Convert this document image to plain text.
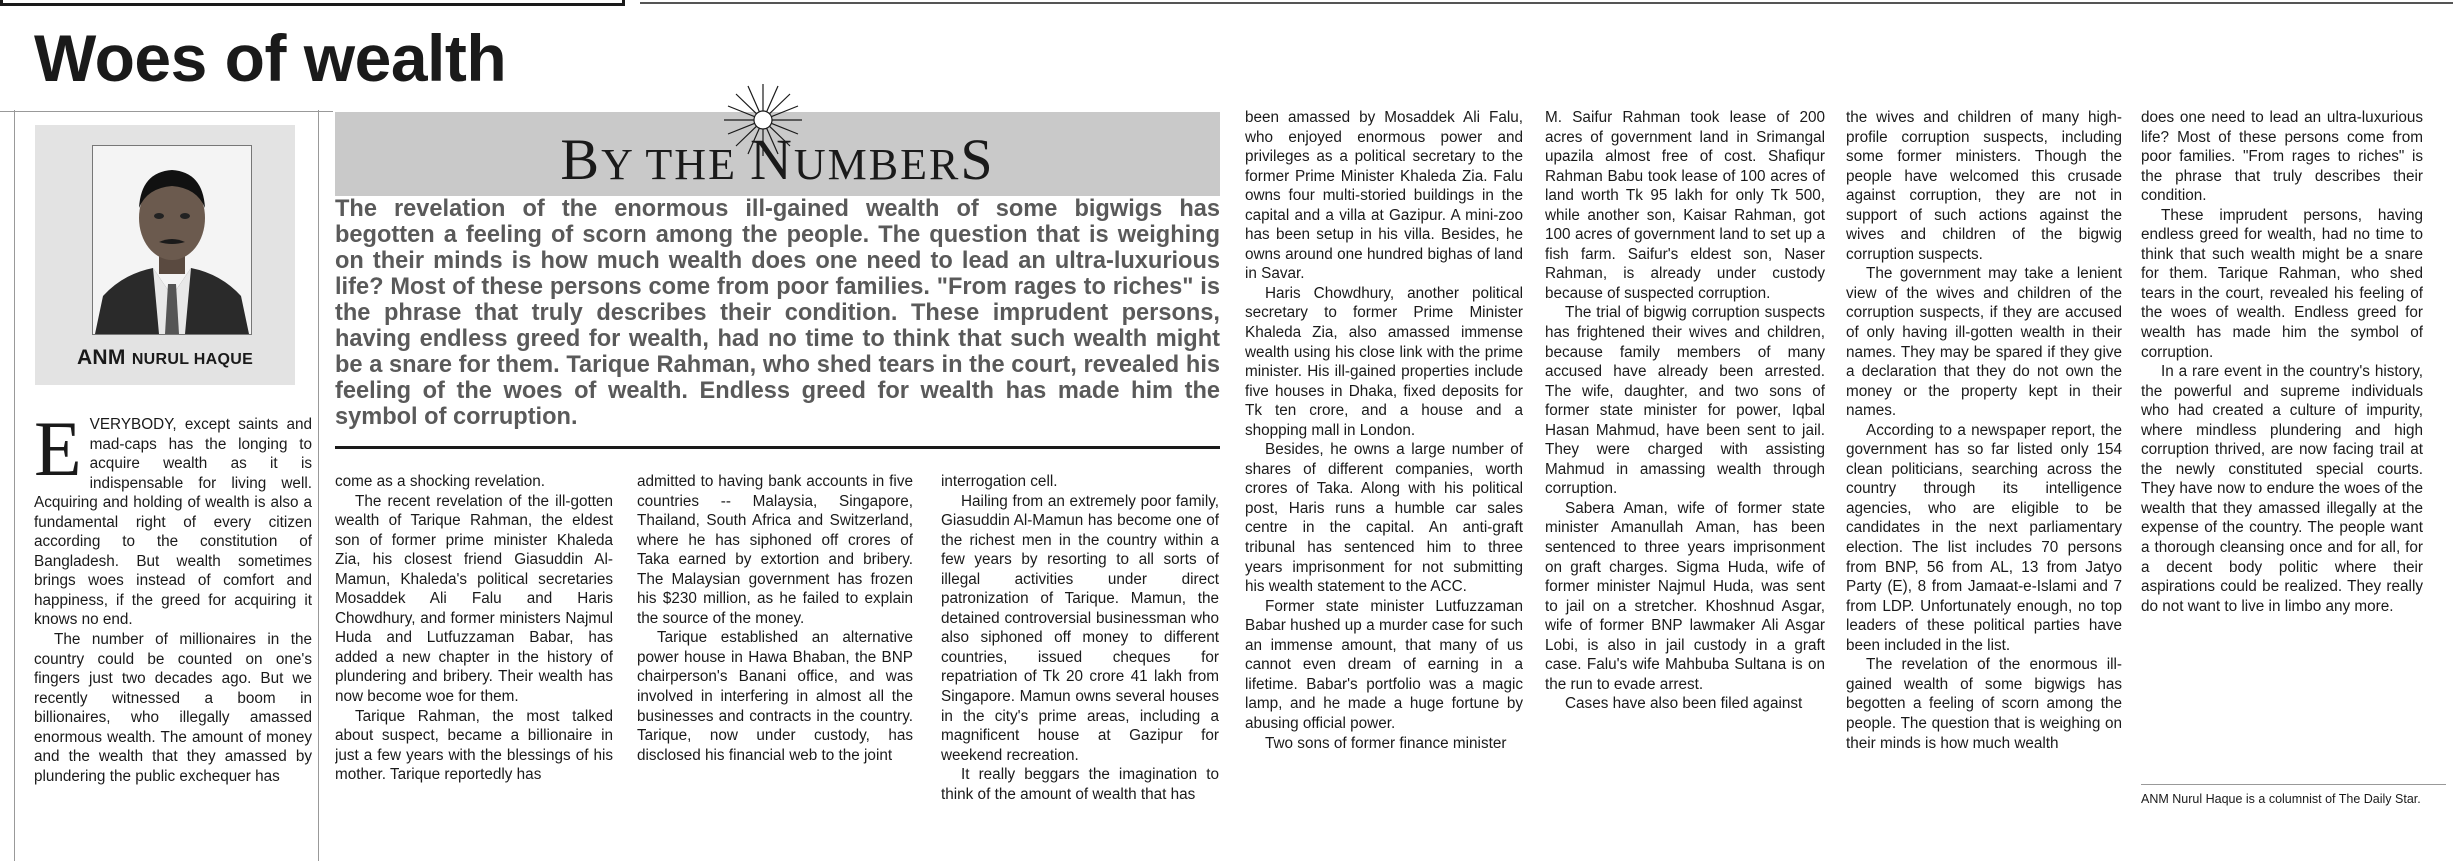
Woes of wealth
ANM NURUL HAQUE
BY THE NUMBERS
The revelation of the enormous ill-gained wealth of some bigwigs has begotten a feeling of scorn among the people. The question that is weighing on their minds is how much wealth does one need to lead an ultra-luxurious life? Most of these persons come from poor families. "From rages to riches" is the phrase that truly describes their condition. These imprudent persons, having endless greed for wealth, had no time to think that such wealth might be a snare for them. Tarique Rahman, who shed tears in the court, revealed his feeling of the woes of wealth. Endless greed for wealth has made him the symbol of corruption.

EVERYBODY, except saints and mad-caps has the longing to acquire wealth as it is indispensable for living well. Acquiring and holding of wealth is also a fundamental right of every citizen according to the constitution of Bangladesh. But wealth sometimes brings woes instead of comfort and happiness, if the greed for acquiring it knows no end.

The number of millionaires in the country could be counted on one's fingers just two decades ago. But we recently witnessed a boom in billionaires, who illegally amassed enormous wealth. The amount of money and the wealth that they amassed by plundering the public exchequer has

come as a shocking revelation.

The recent revelation of the ill-gotten wealth of Tarique Rahman, the eldest son of former prime minister Khaleda Zia, his closest friend Giasuddin Al-Mamun, Khaleda's political secretaries Mosaddek Ali Falu and Haris Chowdhury, and former ministers Najmul Huda and Lutfuzzaman Babar, has added a new chapter in the history of plundering and bribery. Their wealth has now become woe for them.

Tarique Rahman, the most talked about suspect, became a billionaire in just a few years with the blessings of his mother. Tarique reportedly has

admitted to having bank accounts in five countries -- Malaysia, Singapore, Thailand, South Africa and Switzerland, where he has siphoned off crores of Taka earned by extortion and bribery. The Malaysian government has frozen his $230 million, as he failed to explain the source of the money.

Tarique established an alternative power house in Hawa Bhaban, the BNP chairperson's Banani office, and was involved in interfering in almost all the businesses and contracts in the country. Tarique, now under custody, has disclosed his financial web to the joint

interrogation cell.

Hailing from an extremely poor family, Giasuddin Al-Mamun has become one of the richest men in the country within a few years by resorting to all sorts of illegal activities under direct patronization of Tarique. Mamun, the detained controversial businessman who also siphoned off money to different countries, issued cheques for repatriation of Tk 20 crore 41 lakh from Singapore. Mamun owns several houses in the city's prime areas, including a magnificent house at Gazipur for weekend recreation.

It really beggars the imagination to think of the amount of wealth that has

been amassed by Mosaddek Ali Falu, who enjoyed enormous power and privileges as a political secretary to the former Prime Minister Khaleda Zia. Falu owns four multi-storied buildings in the capital and a villa at Gazipur. A mini-zoo has been setup in his villa. Besides, he owns around one hundred bighas of land in Savar.

Haris Chowdhury, another political secretary to former Prime Minister Khaleda Zia, also amassed immense wealth using his close link with the prime minister. His ill-gained properties include five houses in Dhaka, fixed deposits for Tk ten crore, and a house and a shopping mall in London.

Besides, he owns a large number of shares of different companies, worth crores of Taka. Along with his political post, Haris runs a humble car sales centre in the capital. An anti-graft tribunal has sentenced him to three years imprisonment for not submitting his wealth statement to the ACC.

Former state minister Lutfuzzaman Babar hushed up a murder case for such an immense amount, that many of us cannot even dream of earning in a lifetime. Babar's portfolio was a magic lamp, and he made a huge fortune by abusing official power.

Two sons of former finance minister

M. Saifur Rahman took lease of 200 acres of government land in Srimangal upazila almost free of cost. Shafiqur Rahman Babu took lease of 100 acres of land worth Tk 95 lakh for only Tk 500, while another son, Kaisar Rahman, got 100 acres of government land to set up a fish farm. Saifur's eldest son, Naser Rahman, is already under custody because of suspected corruption.

The trial of bigwig corruption suspects has frightened their wives and children, because family members of many accused have already been arrested. The wife, daughter, and two sons of former state minister for power, Iqbal Hasan Mahmud, have been sent to jail. They were charged with assisting Mahmud in amassing wealth through corruption.

Sabera Aman, wife of former state minister Amanullah Aman, has been sentenced to three years imprisonment on graft charges. Sigma Huda, wife of former minister Najmul Huda, was sent to jail on a stretcher. Khoshnud Asgar, wife of former BNP lawmaker Ali Asgar Lobi, is also in jail custody in a graft case. Falu's wife Mahbuba Sultana is on the run to evade arrest.

Cases have also been filed against

the wives and children of many high-profile corruption suspects, including some former ministers. Though the people have welcomed this crusade against corruption, they are not in support of such actions against the wives and children of the bigwig corruption suspects.

The government may take a lenient view of the wives and children of the corruption suspects, if they are accused of only having ill-gotten wealth in their names. They may be spared if they give a declaration that they do not own the money or the property kept in their names.

According to a newspaper report, the government has so far listed only 154 clean politicians, searching across the country through its intelligence agencies, who are eligible to be candidates in the next parliamentary election. The list includes 70 persons from BNP, 56 from AL, 13 from Jatyo Party (E), 8 from Jamaat-e-Islami and 7 from LDP. Unfortunately enough, no top leaders of these political parties have been included in the list.

The revelation of the enormous ill-gained wealth of some bigwigs has begotten a feeling of scorn among the people. The question that is weighing on their minds is how much wealth

does one need to lead an ultra-luxurious life? Most of these persons come from poor families. "From rages to riches" is the phrase that truly describes their condition.

These imprudent persons, having endless greed for wealth, had no time to think that such wealth might be a snare for them. Tarique Rahman, who shed tears in the court, revealed his feeling of the woes of wealth. Endless greed for wealth has made him the symbol of corruption.

In a rare event in the country's history, the powerful and supreme individuals who had created a culture of impurity, where mindless plundering and high corruption thrived, are now facing trail at the newly constituted special courts. They have now to endure the woes of the wealth that they amassed illegally at the expense of the country. The people want a thorough cleansing once and for all, for a decent body politic where their aspirations could be realized. They really do not want to live in limbo any more.

ANM Nurul Haque is a columnist of The Daily Star.
